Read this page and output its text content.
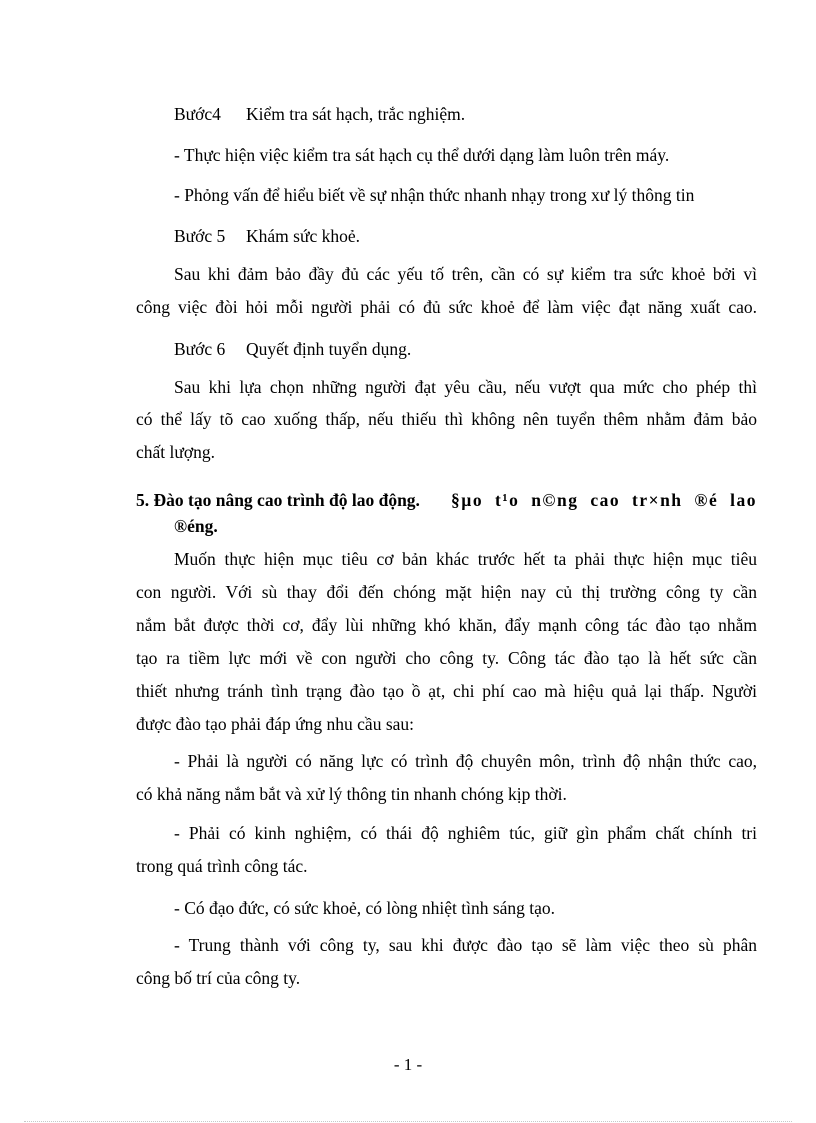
Bước4 Kiểm tra sát hạch, trắc nghiệm.
- Thực hiện việc kiểm tra sát hạch cụ thể dưới dạng làm luôn trên máy.
- Phỏng vấn để hiểu biết về sự nhận thức nhanh nhạy trong xư lý thông tin
Bước 5 Khám sức khoẻ.
Sau khi đảm bảo đầy đủ các yếu tố trên, cần có sự kiểm tra sức khoẻ bởi vì
công việc đòi hỏi mỗi người phải có đủ sức khoẻ để làm việc đạt năng xuất cao.
Bước 6 Quyết định tuyển dụng.
Sau khi lựa chọn những người đạt yêu cầu, nếu vượt qua mức cho phép thì
có thể lấy tõ cao xuống thấp, nếu thiếu thì không nên tuyển thêm nhằm đảm bảo
chất lượng.
5. Đào tạo nâng cao trình độ lao động. §µo t¹o n©ng cao tr×nh ®é lao
®éng.
Muốn thực hiện mục tiêu cơ bản khác trước hết ta phải thực hiện mục tiêu
con người. Với sù thay đổi đến chóng mặt hiện nay củ thị trường công ty cần
nắm bắt được thời cơ, đẩy lùi những khó khăn, đẩy mạnh công tác đào tạo nhằm
tạo ra tiềm lực mới về con người cho công ty. Công tác đào tạo là hết sức cần
thiết nhưng tránh tình trạng đào tạo ồ ạt, chi phí cao mà hiệu quả lại thấp. Người
được đào tạo phải đáp ứng nhu cầu sau:
- Phải là người có năng lực có trình độ chuyên môn, trình độ nhận thức cao,
có khả năng nắm bắt và xử lý thông tin nhanh chóng kịp thời.
- Phải có kinh nghiệm, có thái độ nghiêm túc, giữ gìn phẩm chất chính tri
trong quá trình công tác.
- Có đạo đức, có sức khoẻ, có lòng nhiệt tình sáng tạo.
- Trung thành với công ty, sau khi được đào tạo sẽ làm việc theo sù phân
công bố trí của công ty.
- 1 -
